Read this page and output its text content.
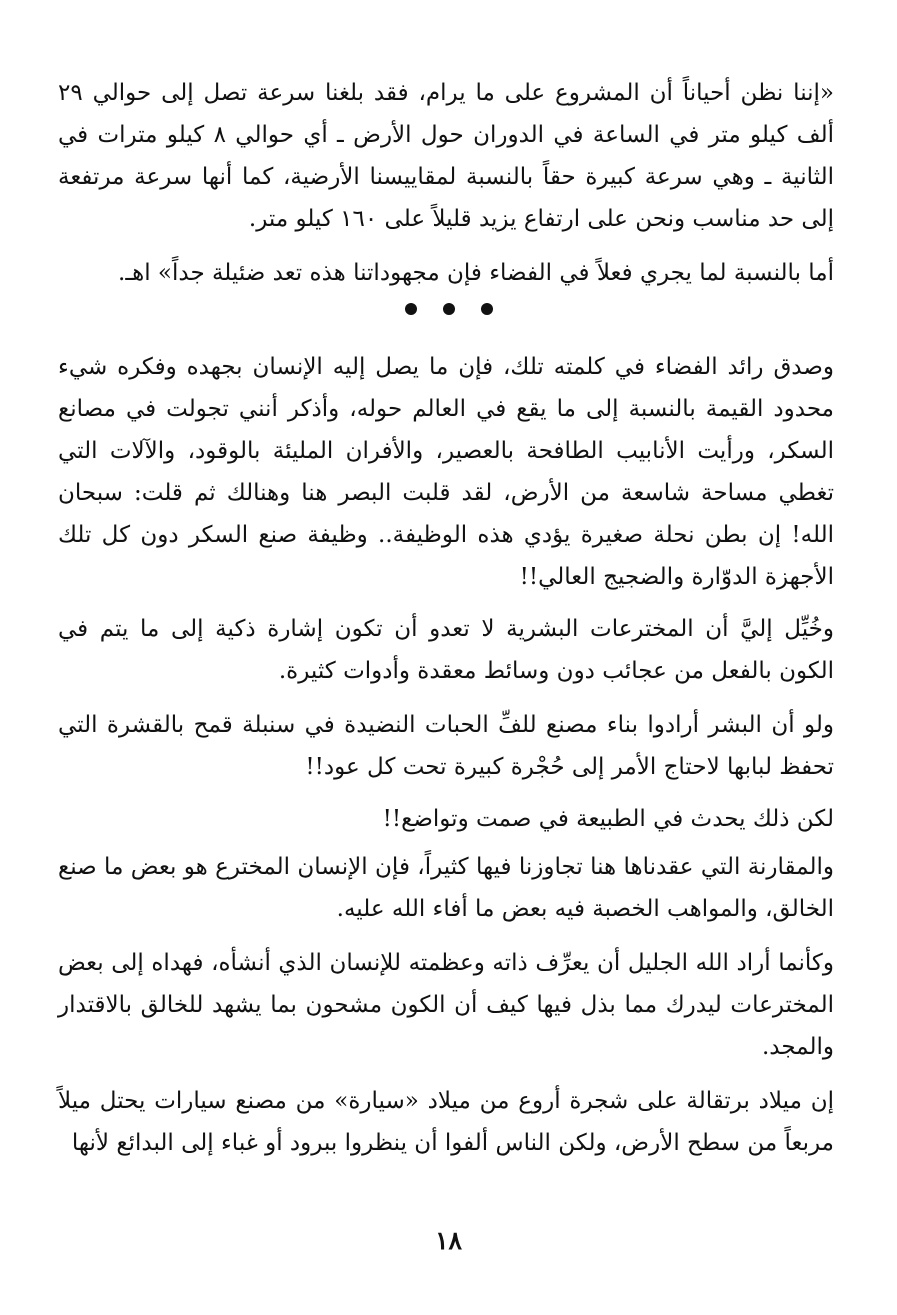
«إننا نظن أحياناً أن المشروع على ما يرام، فقد بلغنا سرعة تصل إلى حوالي ٢٩ ألف كيلو متر في الساعة في الدوران حول الأرض ـ أي حوالي ٨ كيلو مترات في الثانية ـ وهي سرعة كبيرة حقاً بالنسبة لمقاييسنا الأرضية، كما أنها سرعة مرتفعة إلى حد مناسب ونحن على ارتفاع يزيد قليلاً على ١٦٠ كيلو متر.

أما بالنسبة لما يجري فعلاً في الفضاء فإن مجهوداتنا هذه تعد ضئيلة جداً» اهـ.

وصدق رائد الفضاء في كلمته تلك، فإن ما يصل إليه الإنسان بجهده وفكره شيء محدود القيمة بالنسبة إلى ما يقع في العالم حوله، وأذكر أنني تجولت في مصانع السكر، ورأيت الأنابيب الطافحة بالعصير، والأفران المليئة بالوقود، والآلات التي تغطي مساحة شاسعة من الأرض، لقد قلبت البصر هنا وهنالك ثم قلت: سبحان الله! إن بطن نحلة صغيرة يؤدي هذه الوظيفة.. وظيفة صنع السكر دون كل تلك الأجهزة الدوّارة والضجيج العالي!!

وخُيِّل إليَّ أن المخترعات البشرية لا تعدو أن تكون إشارة ذكية إلى ما يتم في الكون بالفعل من عجائب دون وسائط معقدة وأدوات كثيرة.

ولو أن البشر أرادوا بناء مصنع للفِّ الحبات النضيدة في سنبلة قمح بالقشرة التي تحفظ لبابها لاحتاج الأمر إلى حُجْرة كبيرة تحت كل عود!!

لكن ذلك يحدث في الطبيعة في صمت وتواضع!!

والمقارنة التي عقدناها هنا تجاوزنا فيها كثيراً، فإن الإنسان المخترع هو بعض ما صنع الخالق، والمواهب الخصبة فيه بعض ما أفاء الله عليه.

وكأنما أراد الله الجليل أن يعرِّف ذاته وعظمته للإنسان الذي أنشأه، فهداه إلى بعض المخترعات ليدرك مما بذل فيها كيف أن الكون مشحون بما يشهد للخالق بالاقتدار والمجد.

إن ميلاد برتقالة على شجرة أروع من ميلاد «سيارة» من مصنع سيارات يحتل ميلاً مربعاً من سطح الأرض، ولكن الناس ألفوا أن ينظروا ببرود أو غباء إلى البدائع لأنها

١٨
